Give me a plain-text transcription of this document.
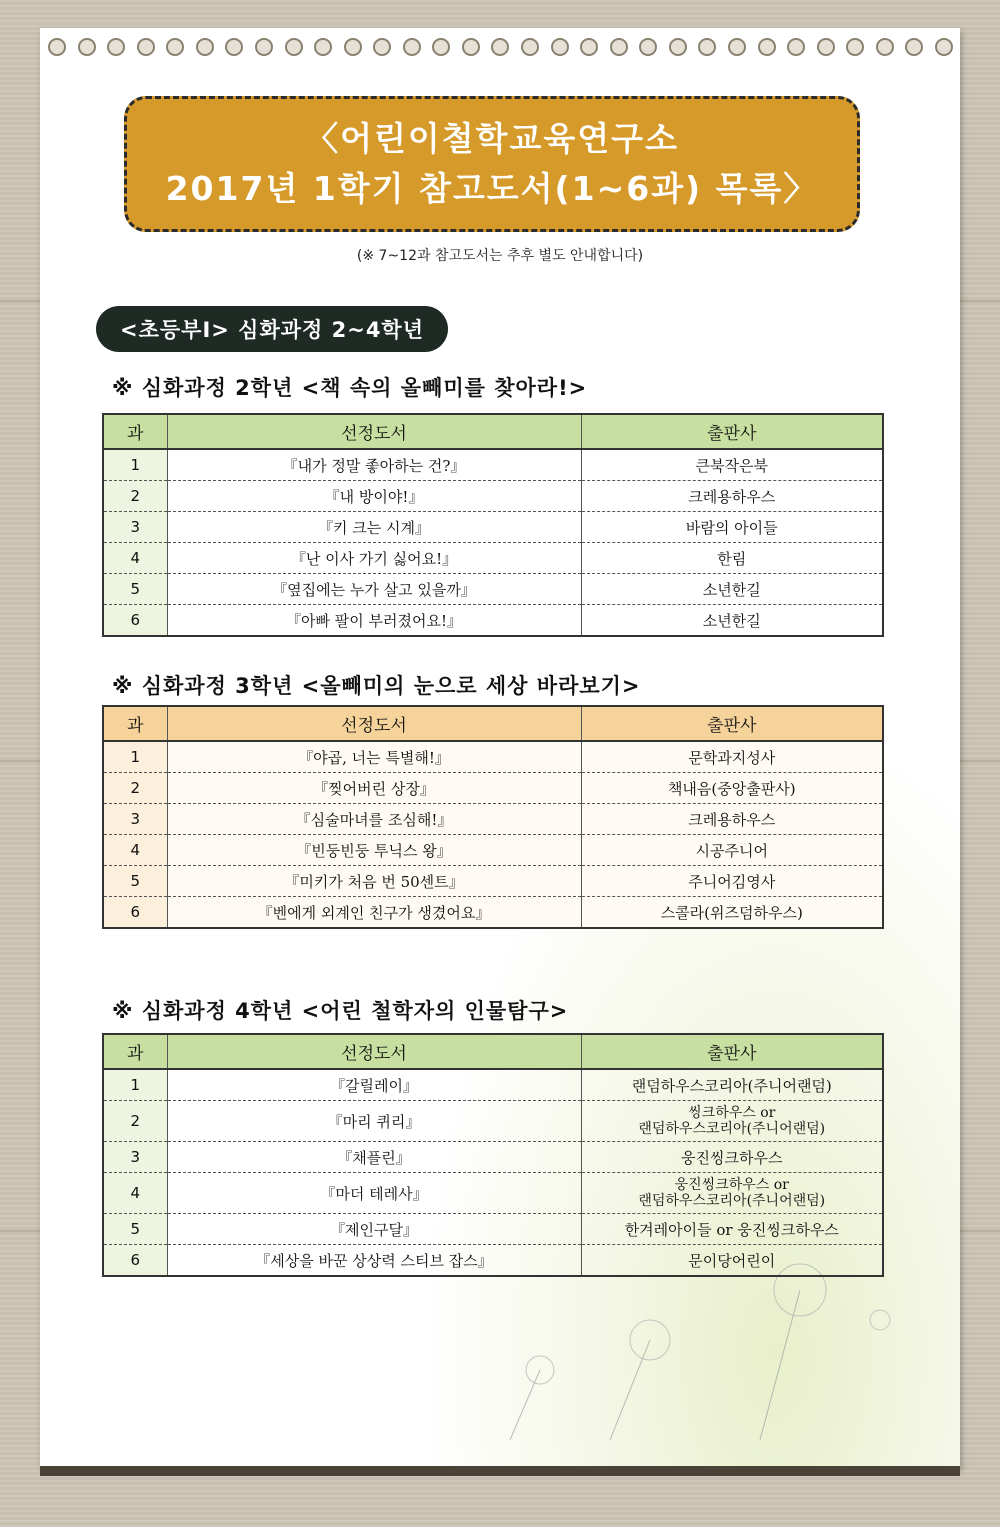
〈어린이철학교육연구소
2017년 1학기 참고도서(1~6과) 목록〉
(※ 7~12과 참고도서는 추후 별도 안내합니다)
<초등부Ⅰ> 심화과정 2~4학년
※ 심화과정 2학년 <책 속의 올빼미를 찾아라!>
과	선정도서	출판사
1	『내가 정말 좋아하는 건?』	큰북작은북
2	『내 방이야!』	크레용하우스
3	『키 크는 시계』	바람의 아이들
4	『난 이사 가기 싫어요!』	한림
5	『옆집에는 누가 살고 있을까』	소년한길
6	『아빠 팔이 부러졌어요!』	소년한길
※ 심화과정 3학년 <올빼미의 눈으로 세상 바라보기>
과	선정도서	출판사
1	『야곱, 너는 특별해!』	문학과지성사
2	『찢어버린 상장』	책내음(중앙출판사)
3	『심술마녀를 조심해!』	크레용하우스
4	『빈둥빈둥 투닉스 왕』	시공주니어
5	『미키가 처음 번 50센트』	주니어김영사
6	『벤에게 외계인 친구가 생겼어요』	스콜라(위즈덤하우스)
※ 심화과정 4학년 <어린 철학자의 인물탐구>
과	선정도서	출판사
1	『갈릴레이』	랜덤하우스코리아(주니어랜덤)
2	『마리 퀴리』	씽크하우스 or
랜덤하우스코리아(주니어랜덤)

3	『채플린』	웅진씽크하우스
4	『마더 테레사』	웅진씽크하우스 or
랜덤하우스코리아(주니어랜덤)

5	『제인구달』	한겨레아이들 or 웅진씽크하우스
6	『세상을 바꾼 상상력 스티브 잡스』	문이당어린이
